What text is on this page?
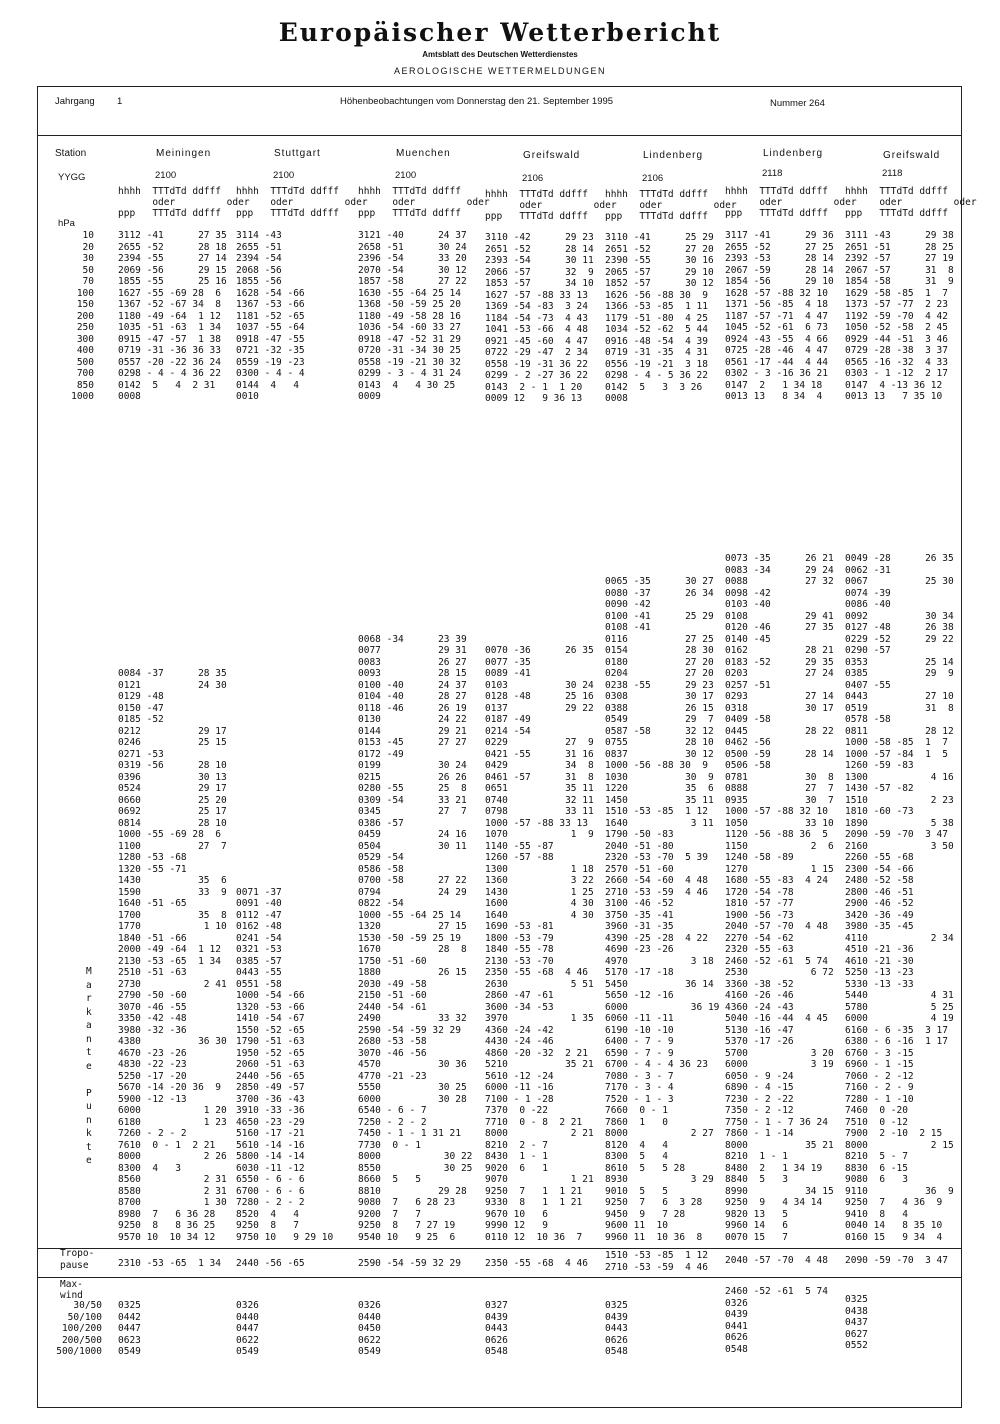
Europäischer Wetterbericht
Amtsblatt des Deutschen Wetterdienstes
AEROLOGISCHE WETTERMELDUNGEN
Jahrgang 1	Höhenbeobachtungen vom Donnerstag den 21. September 1995	Nummer 264
Station
YYGG
hPa
10
20
30
50
70
100
150
200
250
300
400
500
700
850
1000
M
a
r
k
a
n
t
e
P
u
n
k
t
e
Tropo-
pause
Max-
wind
30/50
50/100
100/200
200/500
500/1000
Meiningen
2100
hhhh  TTTdTd ddfff
oder         oder
ppp   TTTdTd ddfff
3112 -41      27 35
2655 -52      28 18
2394 -55      27 14
2069 -56      29 15
1855 -55      25 16
1627 -55 -69 28  6
1367 -52 -67 34  8
1180 -49 -64  1 12
1035 -51 -63  1 34
0915 -47 -57  1 38
0719 -31 -36 36 33
0557 -20 -22 36 24
0298 - 4 - 4 36 22
0142  5   4  2 31
0008
0084 -37      28 35
0121          24 30
0129 -48
0150 -47
0185 -52
0212          29 17
0246          25 15
0271 -53
0319 -56      28 10
0396          30 13
0524          29 17
0660          25 20
0692          25 17
0814          28 10
1000 -55 -69 28  6
1100          27  7
1280 -53 -68
1320 -55 -71
1430          35  6
1590          33  9
1640 -51 -65
1700          35  8
1770           1 10
1840 -51 -66
2000 -49 -64  1 12
2130 -53 -65  1 34
2510 -51 -63
2730           2 41
2790 -50 -60
3070 -46 -55
3350 -42 -48
3980 -32 -36
4380          36 30
4670 -23 -26
4830 -22 -23
5250 -17 -20
5670 -14 -20 36  9
5900 -12 -13
6000           1 20
6180           1 23
7260 - 2 - 2
7610  0 - 1  2 21
8000           2 26
8300  4   3
8560           2 31
8580           2 31
8700           1 30
8980  7   6 36 28
9250  8   8 36 25
9570 10  10 34 12
2310 -53 -65  1 34
0325
0442
0447
0623
0549
Stuttgart
2100
hhhh  TTTdTd ddfff
oder         oder
ppp   TTTdTd ddfff
3114 -43
2655 -51
2394 -54
2068 -56
1855 -56
1628 -54 -66
1367 -53 -66
1181 -52 -65
1037 -55 -64
0918 -47 -55
0721 -32 -35
0559 -19 -23
0300 - 4 - 4
0144  4   4
0010
0071 -37
0091 -40
0112 -47
0162 -48
0241 -54
0321 -53
0385 -57
0443 -55
0551 -58
1000 -54 -66
1320 -53 -66
1410 -54 -67
1550 -52 -65
1790 -51 -63
1950 -52 -65
2060 -51 -63
2440 -56 -65
2850 -49 -57
3700 -36 -43
3910 -33 -36
4650 -23 -29
5160 -17 -21
5610 -14 -16
5800 -14 -14
6030 -11 -12
6550 - 6 - 6
6700 - 6 - 6
7280 - 2 - 2
8520  4   4
9250  8   7
9750 10   9 29 10
2440 -56 -65
0326
0440
0447
0622
0549
Muenchen
2100
hhhh  TTTdTd ddfff
oder         oder
ppp   TTTdTd ddfff
3121 -40      24 37
2658 -51      30 24
2396 -54      33 20
2070 -54      30 12
1857 -58      27 22
1630 -55 -64 25 14
1368 -50 -59 25 20
1180 -49 -58 28 16
1036 -54 -60 33 27
0918 -47 -52 31 29
0720 -31 -34 30 25
0558 -19 -21 30 32
0299 - 3 - 4 31 24
0143  4   4 30 25
0009
0068 -34      23 39
0077          29 31
0083          26 27
0093          28 15
0100 -40      24 37
0104 -40      28 27
0118 -46      26 19
0130          24 22
0144          29 21
0153 -45      27 27
0172 -49
0199          30 24
0215          26 26
0280 -55      25  8
0309 -54      33 21
0345          27  7
0386 -57
0459          24 16
0504          30 11
0529 -54
0586 -58
0700 -58      27 22
0794          24 29
0822 -54
1000 -55 -64 25 14
1320          27 15
1530 -50 -59 25 19
1670          28  8
1750 -51 -60
1880          26 15
2030 -49 -58
2150 -51 -60
2440 -54 -61
2490          33 32
2590 -54 -59 32 29
2680 -53 -58
3070 -46 -56
4570          30 36
4770 -21 -23
5550          30 25
6000          30 28
6540 - 6 - 7
7250 - 2 - 2
7450 - 1 - 1 31 21
7730  0 - 1
8000           30 22
8550           30 25
8660  5   5
8810          29 28
9080  7   6 28 23
9200  7   7
9250  8   7 27 19
9540 10   9 25  6
2590 -54 -59 32 29
0326
0440
0450
0622
0549
Greifswald
2106
hhhh  TTTdTd ddfff
oder         oder
ppp   TTTdTd ddfff
3110 -42      29 23
2651 -52      28 14
2393 -54      30 11
2066 -57      32  9
1853 -57      34 10
1627 -57 -88 33 13
1369 -54 -83  3 24
1184 -54 -73  4 43
1041 -53 -66  4 48
0921 -45 -60  4 47
0722 -29 -47  2 34
0558 -19 -31 36 22
0299 - 2 -27 36 22
0143  2 - 1  1 20
0009 12   9 36 13
0070 -36      26 35
0077 -35
0089 -41
0103          30 24
0128 -48      25 16
0137          29 22
0187 -49
0214 -54
0229          27  9
0421 -55      31 16
0429          34  8
0461 -57      31  8
0651          35 11
0740          32 11
0798          33 11
1000 -57 -88 33 13
1070           1  9
1140 -55 -87
1260 -57 -88
1300           1 18
1360           3 22
1430           1 25
1600           4 30
1640           4 30
1690 -53 -81
1800 -53 -79
1840 -55 -78
2130 -53 -70
2350 -55 -68  4 46
2630           5 51
2860 -47 -61
3600 -34 -53
3970           1 35
4360 -24 -42
4430 -24 -46
4860 -20 -32  2 21
5210          35 21
5610 -12 -24
6000 -11 -16
7100 - 1 -28
7370  0 -22
7710  0 - 8  2 21
8000           2 21
8210  2 - 7
8430  1 - 1
9020  6   1
9070           1 21
9250  7   1  1 21
9330  8   1  1 21
9670 10   6
9990 12   9
0110 12  10 36  7
2350 -55 -68  4 46
0327
0439
0443
0626
0548
Lindenberg
2106
hhhh  TTTdTd ddfff
oder         oder
ppp   TTTdTd ddfff
3110 -41      25 29
2651 -52      27 20
2390 -55      30 16
2065 -57      29 10
1852 -57      30 12
1626 -56 -88 30  9
1366 -53 -85  1 11
1179 -51 -80  4 25
1034 -52 -62  5 44
0916 -48 -54  4 39
0719 -31 -35  4 31
0556 -19 -21  3 18
0298 - 4 - 5 36 22
0142  5   3  3 26
0008
0065 -35      30 27
0080 -37      26 34
0090 -42
0100 -41      25 29
0108 -41
0116          27 25
0154          28 30
0180          27 20
0204          27 20
0238 -55      29 23
0308          30 17
0388          26 15
0549          29  7
0587 -58      32 12
0755          28 10
0837          30 12
1000 -56 -88 30  9
1030          30  9
1220          35  6
1450          35 11
1510 -53 -85  1 12
1640           3 11
1790 -50 -83
2040 -51 -80
2320 -53 -70  5 39
2570 -51 -60
2660 -54 -60  4 48
2710 -53 -59  4 46
3100 -46 -52
3750 -35 -41
3960 -31 -35
4390 -25 -28  4 22
4690 -23 -26
4970           3 18
5170 -17 -18
5450          36 14
5650 -12 -16
6000           36 19
6060 -11 -11
6190 -10 -10
6400 - 7 - 9
6590 - 7 - 9
6700 - 4 - 4 36 23
7080 - 3 - 7
7170 - 3 - 4
7520 - 1 - 3
7660  0 - 1
7860  1   0
8000           2 27
8120  4   4
8300  5   4
8610  5   5 28
8930           3 29
9010  5   5
9250  7   6  3 28
9450  9   7 28
9600 11  10
9960 11  10 36  8
1510 -53 -85  1 12
2710 -53 -59  4 46
0325
0439
0443
0626
0548
Lindenberg
2118
hhhh  TTTdTd ddfff
oder         oder
ppp   TTTdTd ddfff
3117 -41      29 36
2655 -52      27 25
2393 -53      28 14
2067 -59      28 14
1854 -56      29 10
1628 -57 -88 32 10
1371 -56 -85  4 18
1187 -57 -71  4 47
1045 -52 -61  6 73
0924 -43 -55  4 66
0725 -28 -46  4 47
0561 -17 -44  4 44
0302 - 3 -16 36 21
0147  2   1 34 18
0013 13   8 34  4
0073 -35      26 21
0083 -34      29 24
0088          27 32
0098 -42
0103 -40
0108          29 41
0120 -46      27 35
0140 -45
0162          28 21
0183 -52      29 35
0203          27 24
0257 -51
0293          27 14
0318          30 17
0409 -58
0445          28 22
0462 -56
0500 -59      28 14
0506 -58
0781          30  8
0888          27  7
0935          30  7
1000 -57 -88 32 10
1050          33 10
1120 -56 -88 36  5
1150           2  6
1240 -58 -89
1270           1 15
1680 -55 -83  4 24
1720 -54 -78
1810 -57 -77
1900 -56 -73
2040 -57 -70  4 48
2270 -54 -62
2320 -55 -63
2460 -52 -61  5 74
2530           6 72
3360 -38 -52
4160 -26 -46
4360 -24 -43
5040 -16 -44  4 45
5130 -16 -47
5370 -17 -26
5700           3 20
6000           3 19
6050 - 9 -24
6890 - 4 -15
7230 - 2 -22
7350 - 2 -12
7750 - 1 - 7 36 24
7860 - 1 -14
8000          35 21
8210  1 - 1
8480  2   1 34 19
8840  5   3
8990          34 15
9250  9   4 34 14
9820 13   5
9960 14   6
0070 15   7
2040 -57 -70  4 48
2460 -52 -61  5 74
0326
0439
0441
0626
0548
Greifswald
2118
hhhh  TTTdTd ddfff
oder         oder
ppp   TTTdTd ddfff
3111 -43      29 38
2651 -51      28 25
2392 -57      27 19
2067 -57      31  8
1854 -58      31  9
1629 -58 -85  1  7
1373 -57 -77  2 23
1192 -59 -70  4 42
1050 -52 -58  2 45
0929 -44 -51  3 46
0729 -28 -38  3 37
0565 -16 -32  4 33
0303 - 1 -12  2 17
0147  4 -13 36 12
0013 13   7 35 10
0049 -28      26 35
0062 -31
0067          25 30
0074 -39
0086 -40
0092          30 34
0127 -48      26 38
0229 -52      29 22
0290 -57
0353          25 14
0385          29  9
0407 -55
0443          27 10
0519          31  8
0578 -58
0811          28 12
1000 -58 -85  1  7
1000 -57 -84  1  5
1260 -59 -83
1300           4 16
1430 -57 -82
1510           2 23
1810 -60 -73
1890           5 38
2090 -59 -70  3 47
2160           3 50
2260 -55 -68
2300 -54 -66
2480 -52 -58
2800 -46 -51
2900 -46 -52
3420 -36 -49
3980 -35 -45
4110           2 34
4510 -21 -36
4610 -21 -30
5250 -13 -23
5330 -13 -33
5440           4 31
5780           5 25
6000           4 19
6160 - 6 -35  3 17
6380 - 6 -16  1 17
6760 - 3 -15
6960 - 1 -15
7060 - 2 -12
7160 - 2 - 9
7280 - 1 -10
7460  0 -20
7510  0 -12
7900  2 -10  2 15
8000           2 15
8210  5 - 7
8830  6 -15
9080  6   3
9110          36  9
9250  7   4 36  9
9410  8   4
0040 14   8 35 10
0160 15   9 34  4
2090 -59 -70  3 47
0325
0438
0437
0627
0552
